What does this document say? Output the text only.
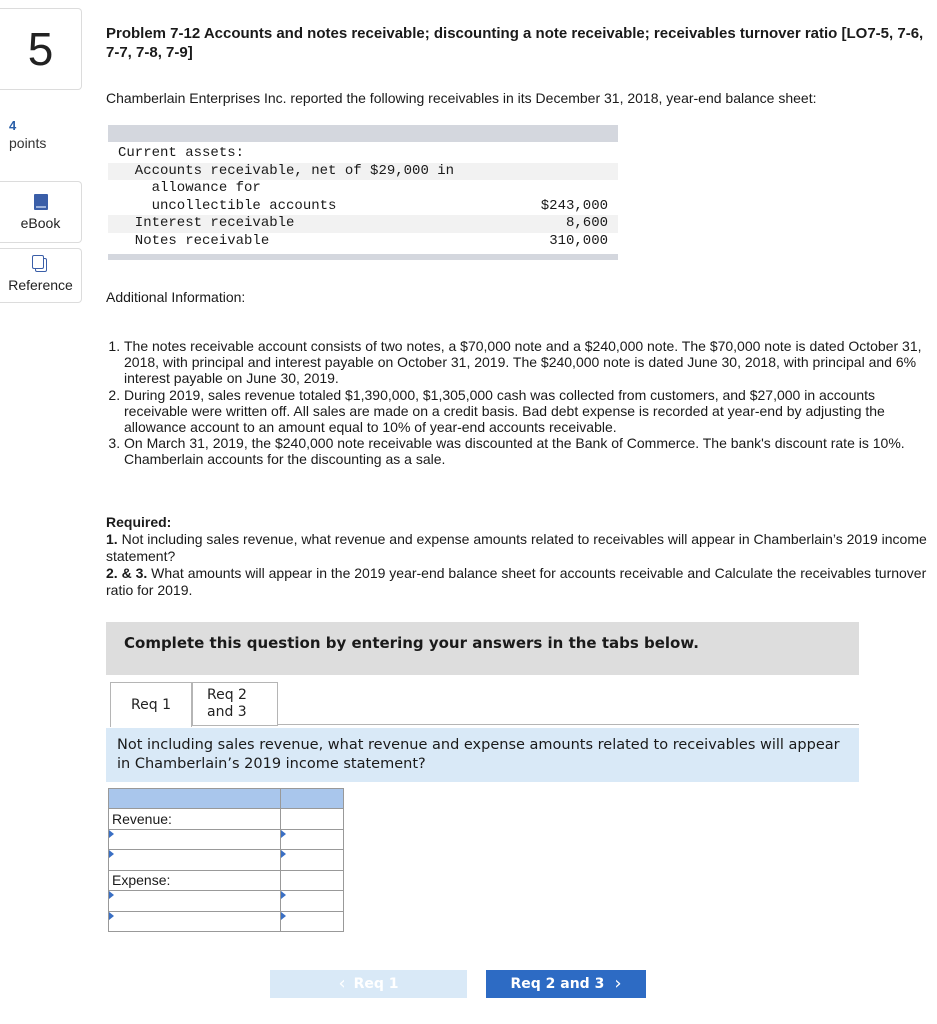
5
4
points
eBook
Reference
Problem 7-12 Accounts and notes receivable; discounting a note receivable; receivables turnover ratio [LO7-5, 7-6, 7-7, 7-8, 7-9]
Chamberlain Enterprises Inc. reported the following receivables in its December 31, 2018, year-end balance sheet:
Current assets:
Accounts receivable, net of $29,000 in
allowance for
uncollectible accounts	$243,000
Interest receivable	8,600
Notes receivable	310,000
Additional Information:
1. The notes receivable account consists of two notes, a $70,000 note and a $240,000 note. The $70,000 note is dated October 31, 2018, with principal and interest payable on October 31, 2019. The $240,000 note is dated June 30, 2018, with principal and 6% interest payable on June 30, 2019.
2. During 2019, sales revenue totaled $1,390,000, $1,305,000 cash was collected from customers, and $27,000 in accounts receivable were written off. All sales are made on a credit basis. Bad debt expense is recorded at year-end by adjusting the allowance account to an amount equal to 10% of year-end accounts receivable.
3. On March 31, 2019, the $240,000 note receivable was discounted at the Bank of Commerce. The bank's discount rate is 10%. Chamberlain accounts for the discounting as a sale.
Required:
1. Not including sales revenue, what revenue and expense amounts related to receivables will appear in Chamberlain’s 2019 income statement?
2. & 3. What amounts will appear in the 2019 year-end balance sheet for accounts receivable and Calculate the receivables turnover ratio for 2019.
Complete this question by entering your answers in the tabs below.
Req 1
Req 2 and 3
Not including sales revenue, what revenue and expense amounts related to receivables will appear in Chamberlain’s 2019 income statement?

Revenue:	

Expense:	

‹ Req 1	Req 2 and 3 ›
